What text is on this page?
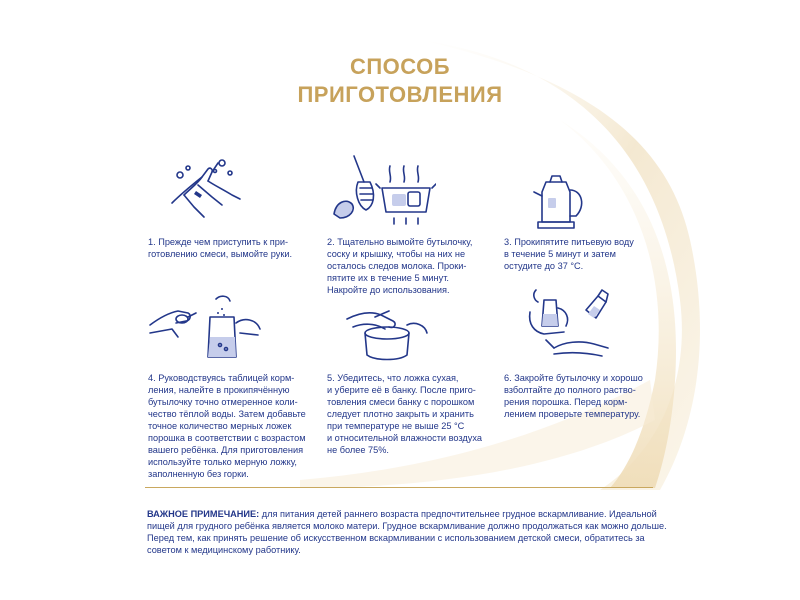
СПОСОБ
ПРИГОТОВЛЕНИЯ

1. Прежде чем приступить к при-
готовлению смеси, вымойте руки.

2. Тщательно вымойте бутылочку,
соску и крышку, чтобы на них не
осталось следов молока. Проки-
пятите их в течение 5 минут.
Накройте до использования.

3. Прокипятите питьевую воду
в течение 5 минут и затем
остудите до 37 °С.

4. Руководствуясь таблицей корм-
ления, налейте в прокипячённую
бутылочку точно отмеренное коли-
чество тёплой воды. Затем добавьте
точное количество мерных ложек
порошка в соответствии с возрастом
вашего ребёнка. Для приготовления
используйте только мерную ложку,
заполненную без горки.

5. Убедитесь, что ложка сухая,
и уберите её в банку. После приго-
товления смеси банку с порошком
следует плотно закрыть и хранить
при температуре не выше 25 °С
и относительной влажности воздуха
не более 75%.

6. Закройте бутылочку и хорошо
взболтайте до полного раство-
рения порошка. Перед корм-
лением проверьте температуру.

ВАЖНОЕ ПРИМЕЧАНИЕ: для питания детей раннего возраста предпочтительнее грудное вскармливание. Идеальной пищей для грудного ребёнка является молоко матери. Грудное вскармливание должно продолжаться как можно дольше. Перед тем, как принять решение об искусственном вскармливании с использованием детской смеси, обратитесь за советом к медицинскому работнику.
